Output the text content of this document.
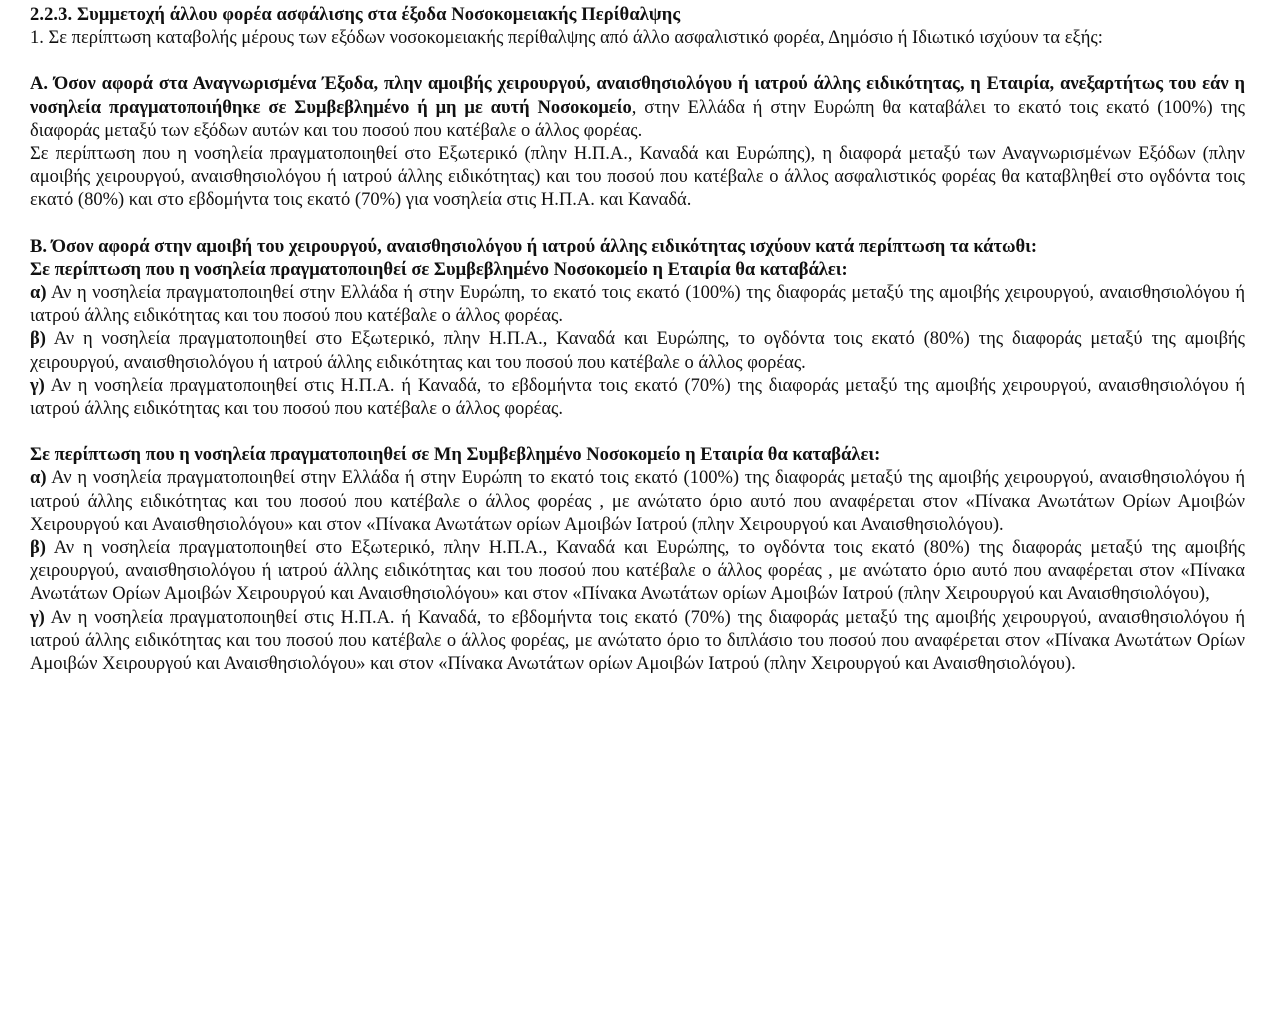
2.2.3. Συμμετοχή άλλου φορέα ασφάλισης στα έξοδα Νοσοκομειακής Περίθαλψης

1. Σε περίπτωση καταβολής μέρους των εξόδων νοσοκομειακής περίθαλψης από άλλο ασφαλιστικό φορέα, Δημόσιο ή Ιδιωτικό ισχύουν τα εξής:

Α. Όσον αφορά στα Αναγνωρισμένα Έξοδα, πλην αμοιβής χειρουργού, αναισθησιολόγου ή ιατρού άλλης ειδικότητας, η Εταιρία, ανεξαρτήτως του εάν η νοσηλεία πραγματοποιήθηκε σε Συμβεβλημένο ή μη με αυτή Νοσοκομείο, στην Ελλάδα ή στην Ευρώπη θα καταβάλει το εκατό τοις εκατό (100%) της διαφοράς μεταξύ των εξόδων αυτών και του ποσού που κατέβαλε ο άλλος φορέας.

Σε περίπτωση που η νοσηλεία πραγματοποιηθεί στο Εξωτερικό (πλην Η.Π.Α., Καναδά και Ευρώπης), η διαφορά μεταξύ των Αναγνωρισμένων Εξόδων (πλην αμοιβής χειρουργού, αναισθησιολόγου ή ιατρού άλλης ειδικότητας) και του ποσού που κατέβαλε ο άλλος ασφαλιστικός φορέας θα καταβληθεί στο ογδόντα τοις εκατό (80%) και στο εβδομήντα τοις εκατό (70%) για νοσηλεία στις Η.Π.Α. και Καναδά.

Β. Όσον αφορά στην αμοιβή του χειρουργού, αναισθησιολόγου ή ιατρού άλλης ειδικότητας ισχύουν κατά περίπτωση τα κάτωθι:

Σε περίπτωση που η νοσηλεία πραγματοποιηθεί σε Συμβεβλημένο Νοσοκομείο η Εταιρία θα καταβάλει:

α) Αν η νοσηλεία πραγματοποιηθεί στην Ελλάδα ή στην Ευρώπη, το εκατό τοις εκατό (100%) της διαφοράς μεταξύ της αμοιβής χειρουργού, αναισθησιολόγου ή ιατρού άλλης ειδικότητας και του ποσού που κατέβαλε ο άλλος φορέας.

β) Αν η νοσηλεία πραγματοποιηθεί στο Εξωτερικό, πλην Η.Π.Α., Καναδά και Ευρώπης, το ογδόντα τοις εκατό (80%) της διαφοράς μεταξύ της αμοιβής χειρουργού, αναισθησιολόγου ή ιατρού άλλης ειδικότητας και του ποσού που κατέβαλε ο άλλος φορέας.

γ) Αν η νοσηλεία πραγματοποιηθεί στις Η.Π.Α. ή Καναδά, το εβδομήντα τοις εκατό (70%) της διαφοράς μεταξύ της αμοιβής χειρουργού, αναισθησιολόγου ή ιατρού άλλης ειδικότητας και του ποσού που κατέβαλε ο άλλος φορέας.

Σε περίπτωση που η νοσηλεία πραγματοποιηθεί σε Μη Συμβεβλημένο Νοσοκομείο η Εταιρία θα καταβάλει:

α) Αν η νοσηλεία πραγματοποιηθεί στην Ελλάδα ή στην Ευρώπη το εκατό τοις εκατό (100%) της διαφοράς μεταξύ της αμοιβής χειρουργού, αναισθησιολόγου ή ιατρού άλλης ειδικότητας και του ποσού που κατέβαλε ο άλλος φορέας , με ανώτατο όριο αυτό που αναφέρεται στον «Πίνακα Ανωτάτων Ορίων Αμοιβών Χειρουργού και Αναισθησιολόγου» και στον «Πίνακα Ανωτάτων ορίων Αμοιβών Ιατρού (πλην Χειρουργού και Αναισθησιολόγου).

β) Αν η νοσηλεία πραγματοποιηθεί στο Εξωτερικό, πλην Η.Π.Α., Καναδά και Ευρώπης, το ογδόντα τοις εκατό (80%) της διαφοράς μεταξύ της αμοιβής χειρουργού, αναισθησιολόγου ή ιατρού άλλης ειδικότητας και του ποσού που κατέβαλε ο άλλος φορέας , με ανώτατο όριο αυτό που αναφέρεται στον «Πίνακα Ανωτάτων Ορίων Αμοιβών Χειρουργού και Αναισθησιολόγου» και στον «Πίνακα Ανωτάτων ορίων Αμοιβών Ιατρού (πλην Χειρουργού και Αναισθησιολόγου),

γ) Αν η νοσηλεία πραγματοποιηθεί στις Η.Π.Α. ή Καναδά, το εβδομήντα τοις εκατό (70%) της διαφοράς μεταξύ της αμοιβής χειρουργού, αναισθησιολόγου ή ιατρού άλλης ειδικότητας και του ποσού που κατέβαλε ο άλλος φορέας, με ανώτατο όριο το διπλάσιο του ποσού που αναφέρεται στον «Πίνακα Ανωτάτων Ορίων Αμοιβών Χειρουργού και Αναισθησιολόγου» και στον «Πίνακα Ανωτάτων ορίων Αμοιβών Ιατρού (πλην Χειρουργού και Αναισθησιολόγου).
